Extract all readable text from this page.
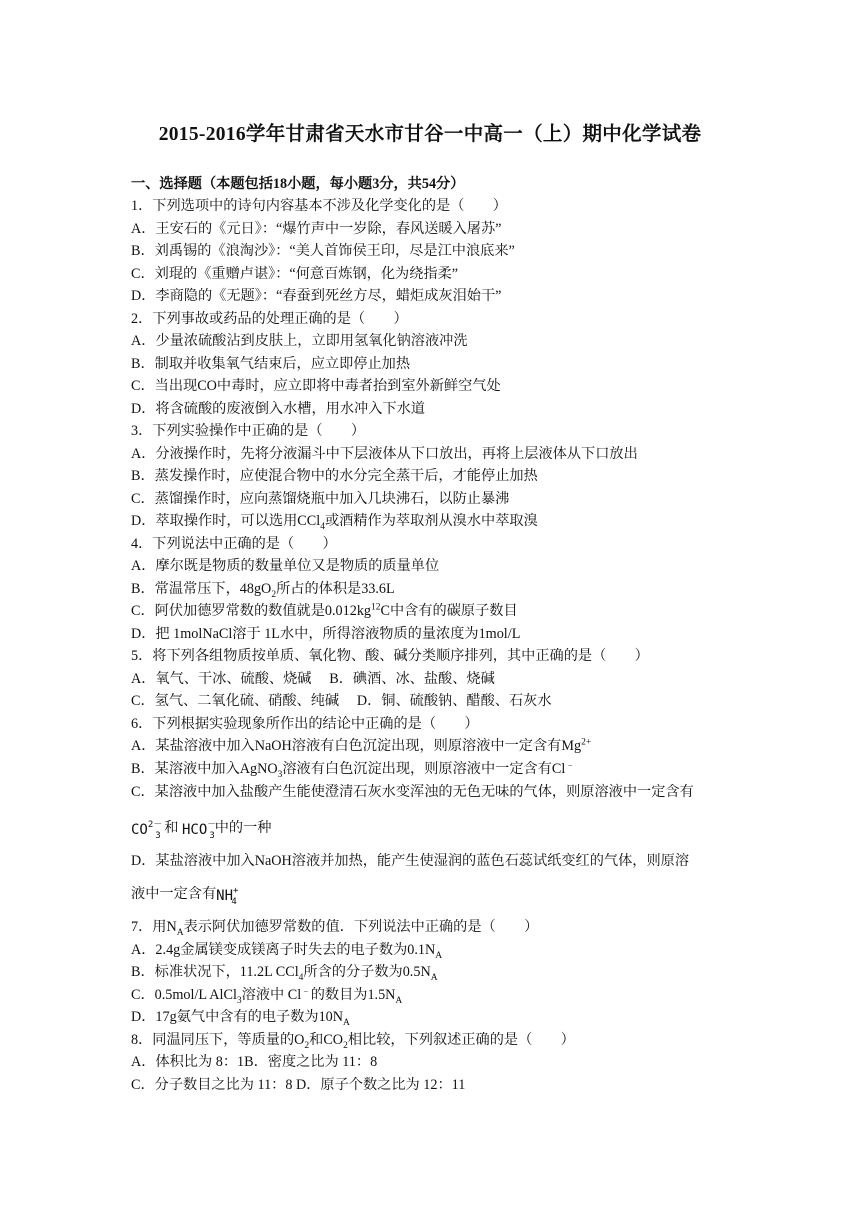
2015-2016学年甘肃省天水市甘谷一中高一（上）期中化学试卷
一、选择题（本题包括18小题，每小题3分，共54分）
1．下列选项中的诗句内容基本不涉及化学变化的是（　　）
A．王安石的《元日》：“爆竹声中一岁除，春风送暖入屠苏”
B．刘禹锡的《浪淘沙》：“美人首饰侯王印，尽是江中浪底来”
C．刘琨的《重赠卢谌》：“何意百炼钢，化为绕指柔”
D．李商隐的《无题》：“春蚕到死丝方尽，蜡炬成灰泪始干”
2．下列事故或药品的处理正确的是（　　）
A．少量浓硫酸沾到皮肤上，立即用氢氧化钠溶液冲洗
B．制取并收集氧气结束后，应立即停止加热
C．当出现CO中毒时，应立即将中毒者抬到室外新鲜空气处
D．将含硫酸的废液倒入水槽，用水冲入下水道
3．下列实验操作中正确的是（　　）
A．分液操作时，先将分液漏斗中下层液体从下口放出，再将上层液体从下口放出
B．蒸发操作时，应使混合物中的水分完全蒸干后，才能停止加热
C．蒸馏操作时，应向蒸馏烧瓶中加入几块沸石，以防止暴沸
D．萃取操作时，可以选用CCl$_4$或酒精作为萃取剂从溴水中萃取溴
4．下列说法中正确的是（　　）
A．摩尔既是物质的数量单位又是物质的质量单位
B．常温常压下，$48gO_2$所占的体积是33.6L
C．阿伏加德罗常数的数值就是$0.012kg^{12}C$中含有的碳原子数目
D．把 1molNaCl溶于 1L水中，所得溶液物质的量浓度为1mol/L
5．将下列各组物质按单质、氧化物、酸、碱分类顺序排列，其中正确的是（　　）
A．氧气、干冰、硫酸、烧碱　 B．碘酒、冰、盐酸、烧碱
C．氢气、二氧化硫、硝酸、纯碱　 D．铜、硫酸钠、醋酸、石灰水
6．下列根据实验现象所作出的结论中正确的是（　　）
A．某盐溶液中加入NaOH溶液有白色沉淀出现，则原溶液中一定含有$Mg^{2+}$
B．某溶液中加入AgNO$_3$溶液有白色沉淀出现，则原溶液中一定含有Cl﹣
C．某溶液中加入盐酸产生能使澄清石灰水变浑浊的无色无味的气体，则原溶液中一定含有
$CO^{2-}_3$ 和 $HCO^-_3$中的一种
D．某盐溶液中加入NaOH溶液并加热，能产生使湿润的蓝色石蕊试纸变红的气体，则原溶
液中一定含有$NH^+_4$
7．用$N_A$表示阿伏加德罗常数的值．下列说法中正确的是（　　）
A．2.4g金属镁变成镁离子时失去的电子数为$0.1N_A$
B．标准状况下，11.2L CCl$_4$所含的分子数为$0.5N_A$
C．0.5mol/L AlCl$_3$溶液中 Cl﹣的数目为$1.5N_A$
D．17g氨气中含有的电子数为$10N_A$
8．同温同压下，等质量的$O_2$和$CO_2$相比较，下列叙述正确的是（　　）
A．体积比为 8：1B．密度之比为 11：8
C．分子数目之比为 11：8 D．原子个数之比为 12：11
